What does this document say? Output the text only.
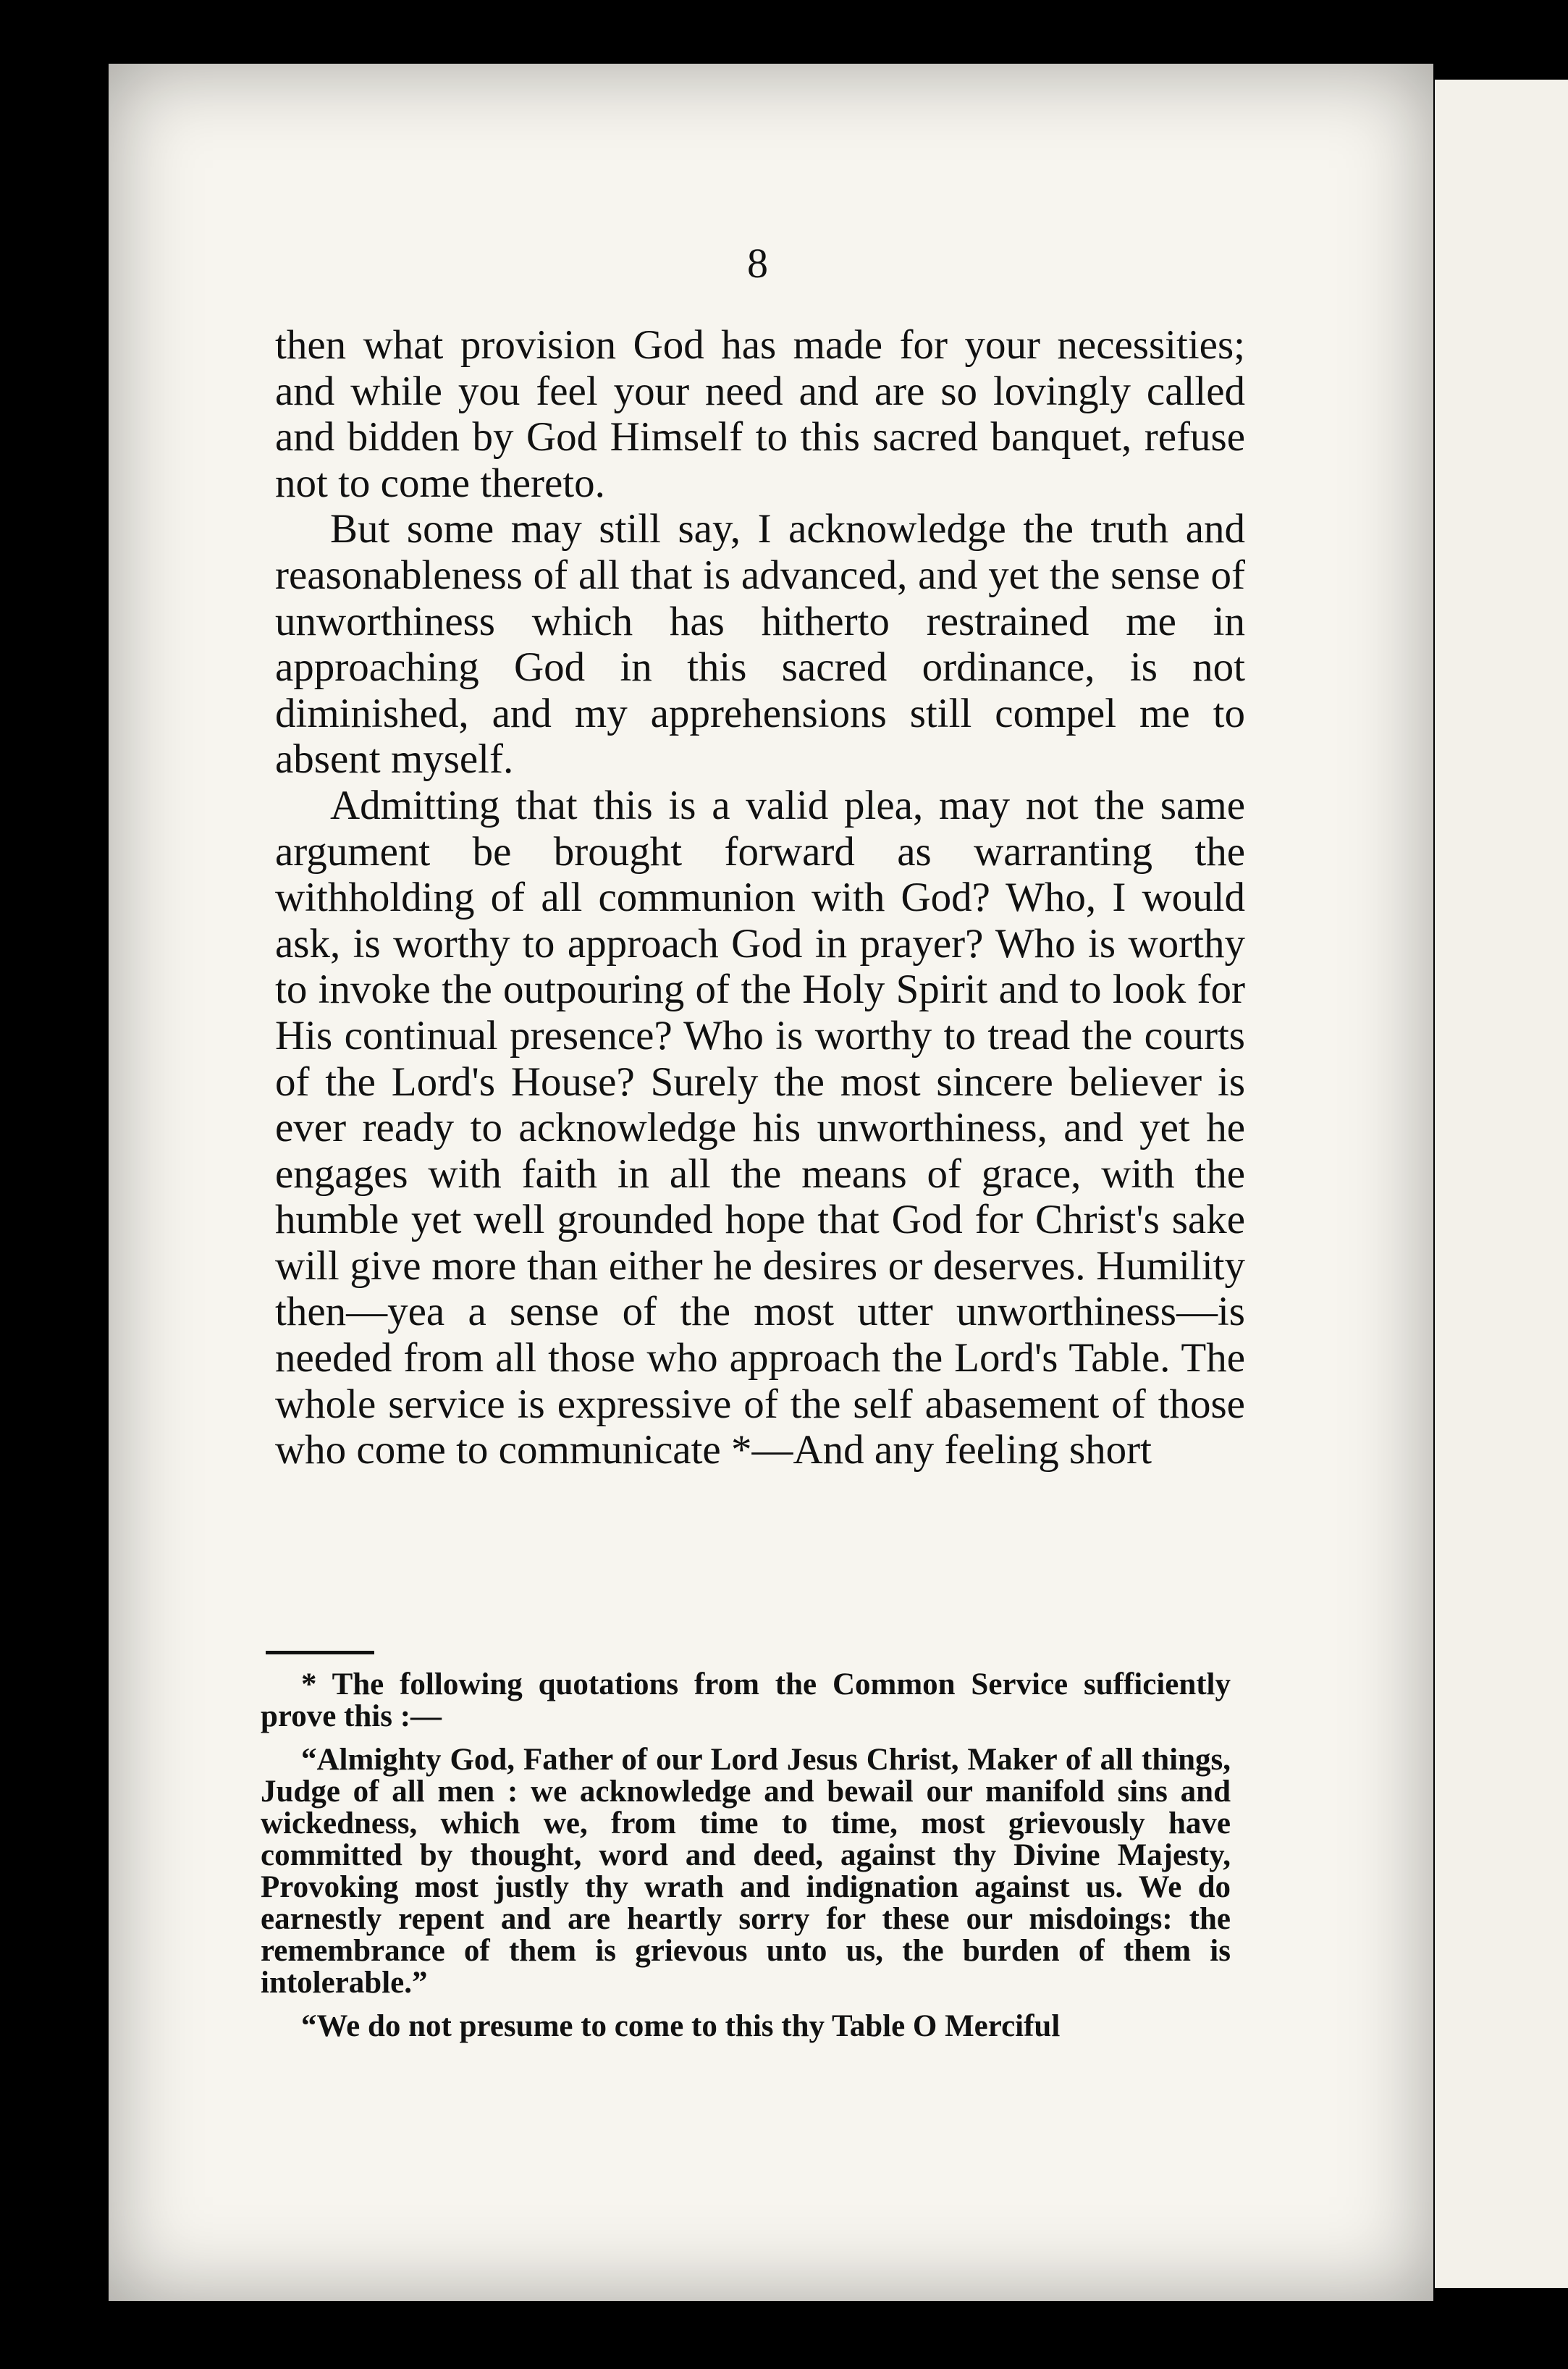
8

then what provision God has made for your necessities; and while you feel your need and are so lovingly called and bidden by God Himself to this sacred banquet, refuse not to come thereto.

But some may still say, I acknowledge the truth and reasonableness of all that is advanced, and yet the sense of unworthiness which has hitherto restrained me in approaching God in this sacred ordinance, is not diminished, and my apprehensions still compel me to absent myself.

Admitting that this is a valid plea, may not the same argument be brought forward as warranting the withholding of all communion with God? Who, I would ask, is worthy to approach God in prayer? Who is worthy to invoke the outpouring of the Holy Spirit and to look for His continual presence? Who is worthy to tread the courts of the Lord's House? Surely the most sincere believer is ever ready to acknowledge his unworthiness, and yet he engages with faith in all the means of grace, with the humble yet well grounded hope that God for Christ's sake will give more than either he desires or deserves. Humility then—yea a sense of the most utter unworthiness—is needed from all those who approach the Lord's Table. The whole service is expressive of the self abasement of those who come to communicate *—And any feeling short

* The following quotations from the Common Service sufficiently prove this :—

“Almighty God, Father of our Lord Jesus Christ, Maker of all things, Judge of all men : we acknowledge and bewail our manifold sins and wickedness, which we, from time to time, most grievously have committed by thought, word and deed, against thy Divine Majesty, Provoking most justly thy wrath and indignation against us. We do earnestly repent and are heartly sorry for these our misdoings: the remembrance of them is grievous unto us, the burden of them is intolerable.”

“We do not presume to come to this thy Table O Merciful
